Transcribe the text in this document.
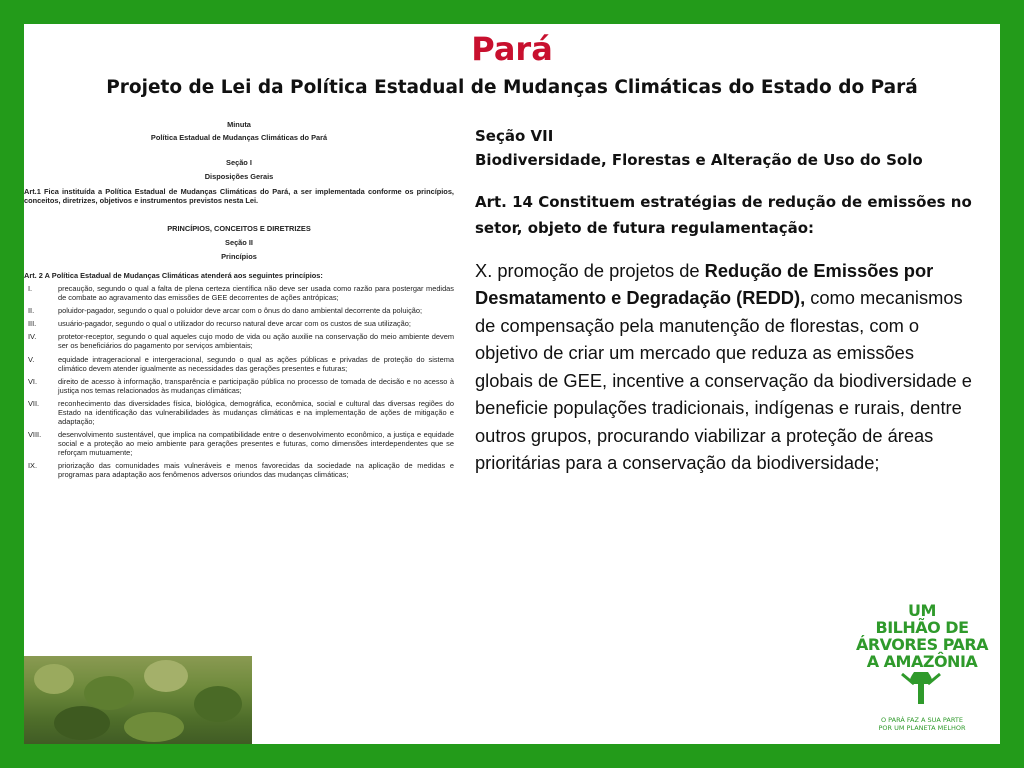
Pará
Projeto de Lei da Política Estadual de Mudanças Climáticas do Estado do Pará

Minuta

Política Estadual de Mudanças Climáticas do Pará

Seção I

Disposições Gerais

Art.1 Fica instituída a Política Estadual de Mudanças Climáticas do Pará, a ser implementada conforme os princípios, conceitos, diretrizes, objetivos e instrumentos previstos nesta Lei.

PRINCÍPIOS, CONCEITOS E DIRETRIZES

Seção II

Princípios

Art. 2 A Política Estadual de Mudanças Climáticas atenderá aos seguintes princípios:

I.	precaução, segundo o qual a falta de plena certeza científica não deve ser usada como razão para postergar medidas de combate ao agravamento das emissões de GEE decorrentes de ações antrópicas;
II.	poluidor-pagador, segundo o qual o poluidor deve arcar com o ônus do dano ambiental decorrente da poluição;
III.	usuário-pagador, segundo o qual o utilizador do recurso natural deve arcar com os custos de sua utilização;
IV.	protetor-receptor, segundo o qual aqueles cujo modo de vida ou ação auxilie na conservação do meio ambiente devem ser os beneficiários do pagamento por serviços ambientais;
V.	equidade intrageracional e intergeracional, segundo o qual as ações públicas e privadas de proteção do sistema climático devem atender igualmente as necessidades das gerações presentes e futuras;
VI.	direito de acesso à informação, transparência e participação pública no processo de tomada de decisão e no acesso à justiça nos temas relacionados às mudanças climáticas;
VII.	reconhecimento das diversidades física, biológica, demográfica, econômica, social e cultural das diversas regiões do Estado na identificação das vulnerabilidades às mudanças climáticas e na implementação de ações de mitigação e adaptação;
VIII. desenvolvimento sustentável, que implica na compatibilidade entre o desenvolvimento econômico, a justiça e equidade social e a proteção ao meio ambiente para gerações presentes e futuras, como dimensões interdependentes que se reforçam mutuamente;
IX.	priorização das comunidades mais vulneráveis e menos favorecidas da sociedade na aplicação de medidas e programas para adaptação aos fenômenos adversos oriundos das mudanças climáticas;

Seção VII
Biodiversidade, Florestas e Alteração de Uso do Solo

Art. 14 Constituem estratégias de redução de emissões no setor, objeto de futura regulamentação:

X. promoção de projetos de Redução de Emissões por Desmatamento e Degradação (REDD), como mecanismos de compensação pela manutenção de florestas, com o objetivo de criar um mercado que reduza as emissões globais de GEE, incentive a conservação da biodiversidade e beneficie populações tradicionais, indígenas e rurais, dentre outros grupos, procurando viabilizar a proteção de áreas prioritárias para a conservação da biodiversidade;

UM
BILHÃO DE
ÁRVORES PARA
A AMAZÔNIA
O PARÁ FAZ A SUA PARTE
POR UM PLANETA MELHOR
